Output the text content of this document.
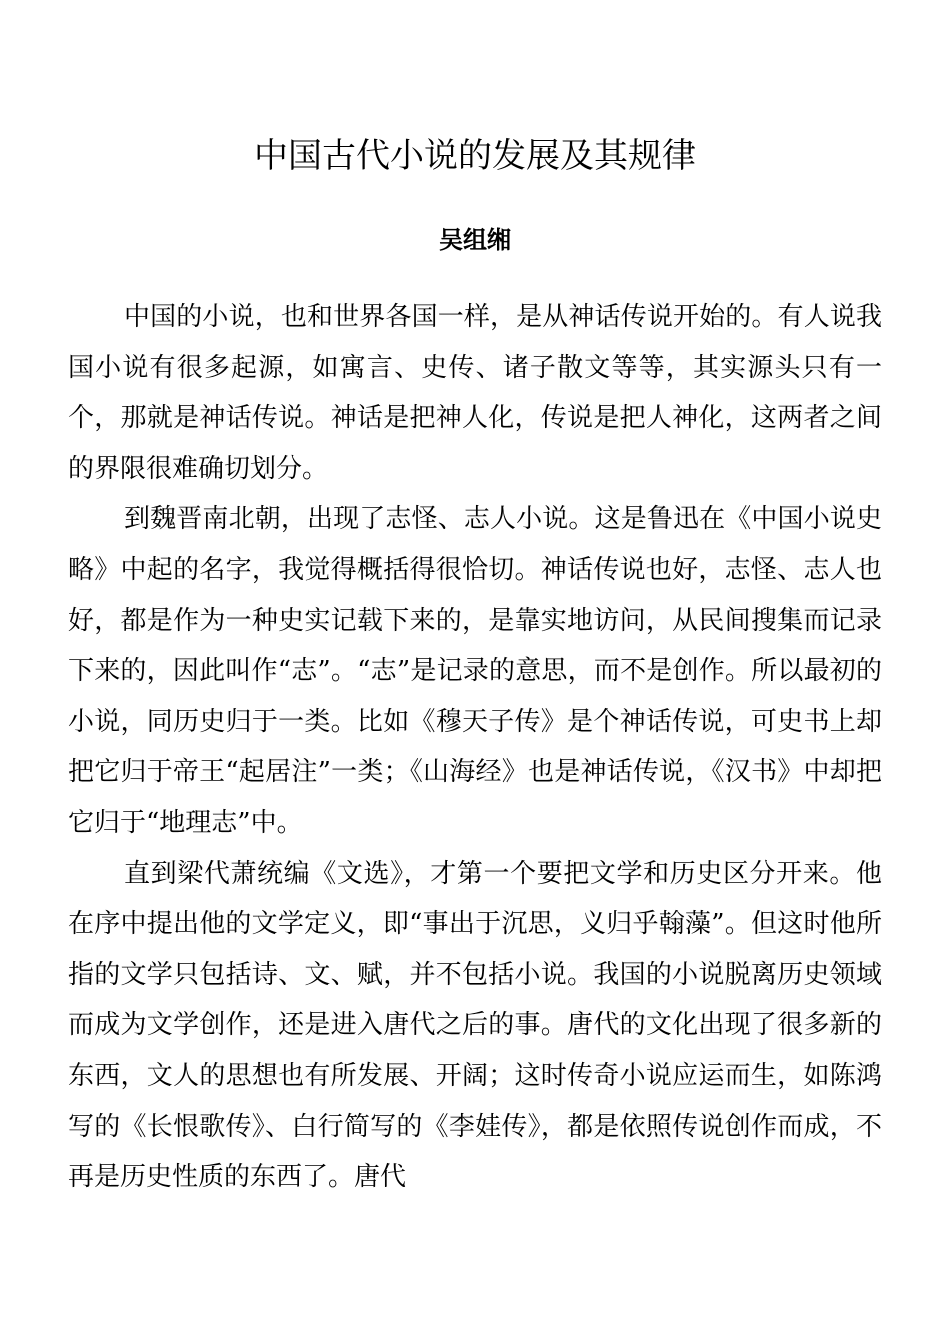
中国古代小说的发展及其规律
吴组缃

中国的小说，也和世界各国一样，是从神话传说开始的。有人说我国小说有很多起源，如寓言、史传、诸子散文等等，其实源头只有一个，那就是神话传说。神话是把神人化，传说是把人神化，这两者之间的界限很难确切划分。

到魏晋南北朝，出现了志怪、志人小说。这是鲁迅在《中国小说史略》中起的名字，我觉得概括得很恰切。神话传说也好，志怪、志人也好，都是作为一种史实记载下来的，是靠实地访问，从民间搜集而记录下来的，因此叫作“志”。“志”是记录的意思，而不是创作。所以最初的小说，同历史归于一类。比如《穆天子传》是个神话传说，可史书上却把它归于帝王“起居注”一类；《山海经》也是神话传说，《汉书》中却把它归于“地理志”中。

直到梁代萧统编《文选》，才第一个要把文学和历史区分开来。他在序中提出他的文学定义，即“事出于沉思，义归乎翰藻”。但这时他所指的文学只包括诗、文、赋，并不包括小说。我国的小说脱离历史领域而成为文学创作，还是进入唐代之后的事。唐代的文化出现了很多新的东西，文人的思想也有所发展、开阔；这时传奇小说应运而生，如陈鸿写的《长恨歌传》、白行简写的《李娃传》，都是依照传说创作而成，不再是历史性质的东西了。唐代
